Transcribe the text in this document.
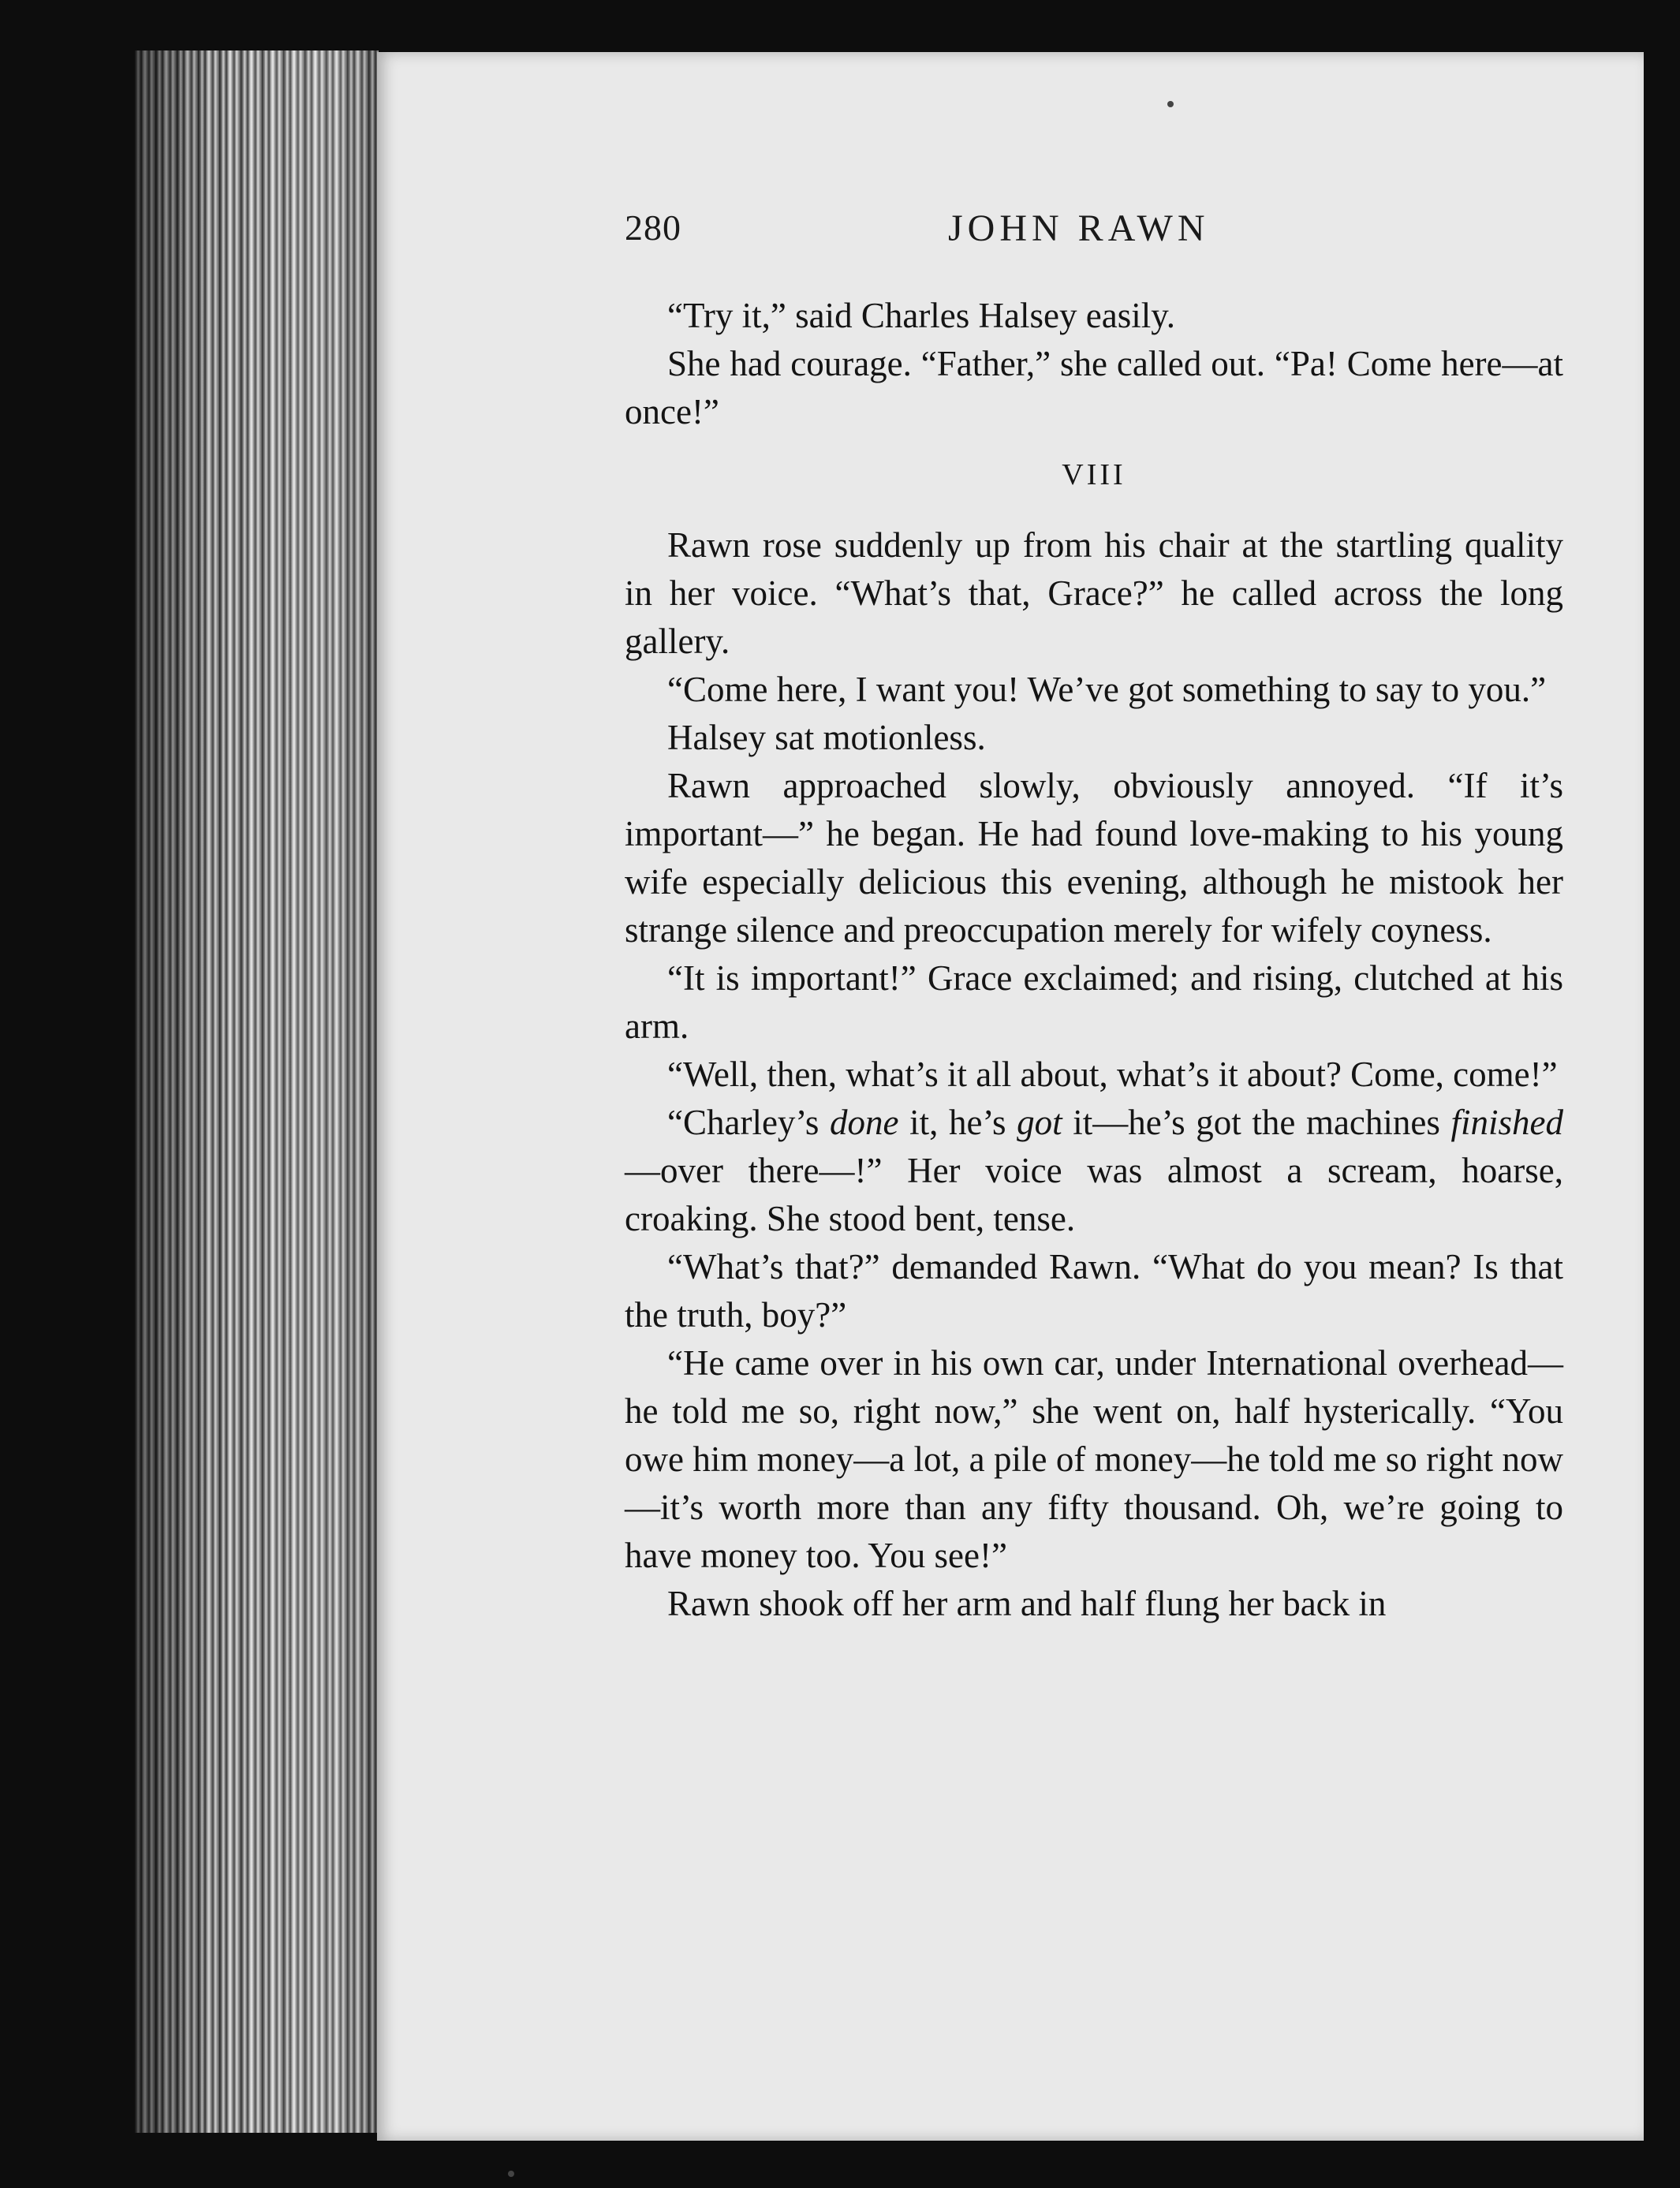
280	JOHN RAWN

“Try it,” said Charles Halsey easily.

She had courage. “Father,” she called out. “Pa! Come here—at once!”

VIII

Rawn rose suddenly up from his chair at the startling quality in her voice. “What’s that, Grace?” he called across the long gallery.

“Come here, I want you! We’ve got something to say to you.”

Halsey sat motionless.

Rawn approached slowly, obviously annoyed. “If it’s important—” he began. He had found love-making to his young wife especially delicious this evening, although he mistook her strange silence and preoccupation merely for wifely coyness.

“It is important!” Grace exclaimed; and rising, clutched at his arm.

“Well, then, what’s it all about, what’s it about? Come, come!”

“Charley’s done it, he’s got it—he’s got the machines finished—over there—!” Her voice was almost a scream, hoarse, croaking. She stood bent, tense.

“What’s that?” demanded Rawn. “What do you mean? Is that the truth, boy?”

“He came over in his own car, under International overhead—he told me so, right now,” she went on, half hysterically. “You owe him money—a lot, a pile of money—he told me so right now—it’s worth more than any fifty thousand. Oh, we’re going to have money too. You see!”

Rawn shook off her arm and half flung her back in
